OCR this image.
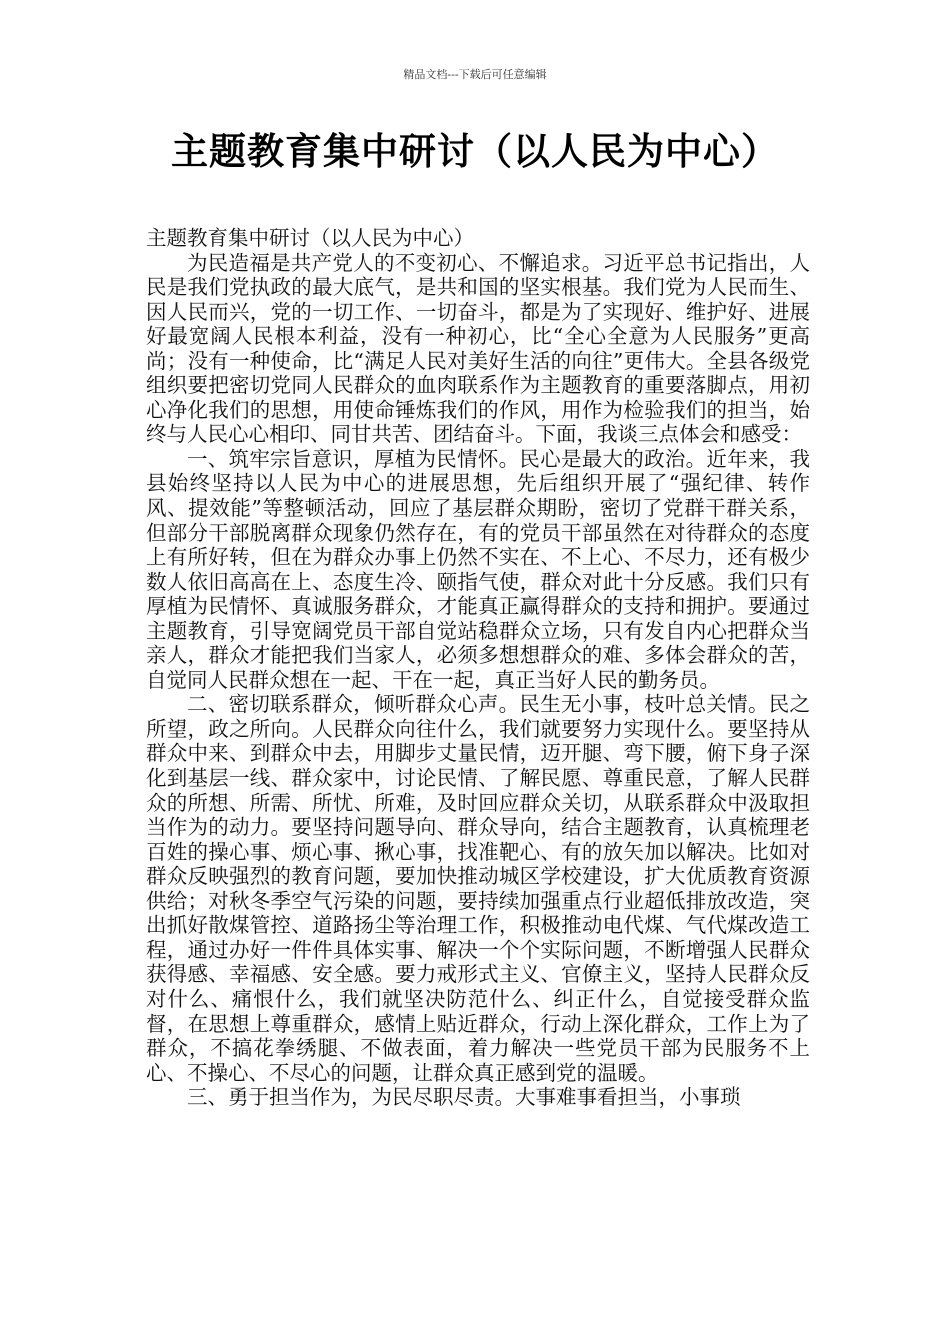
精品文档---下载后可任意编辑
主题教育集中研讨（以人民为中心）

主题教育集中研讨（以人民为中心）

为民造福是共产党人的不变初心、不懈追求。习近平总书记指出，人民是我们党执政的最大底气，是共和国的坚实根基。我们党为人民而生、因人民而兴，党的一切工作、一切奋斗，都是为了实现好、维护好、进展好最宽阔人民根本利益，没有一种初心，比“全心全意为人民服务”更高尚；没有一种使命，比“满足人民对美好生活的向往”更伟大。全县各级党组织要把密切党同人民群众的血肉联系作为主题教育的重要落脚点，用初心净化我们的思想，用使命锤炼我们的作风，用作为检验我们的担当，始终与人民心心相印、同甘共苦、团结奋斗。下面，我谈三点体会和感受：

一、筑牢宗旨意识，厚植为民情怀。民心是最大的政治。近年来，我县始终坚持以人民为中心的进展思想，先后组织开展了“强纪律、转作风、提效能”等整顿活动，回应了基层群众期盼，密切了党群干群关系，但部分干部脱离群众现象仍然存在，有的党员干部虽然在对待群众的态度上有所好转，但在为群众办事上仍然不实在、不上心、不尽力，还有极少数人依旧高高在上、态度生冷、颐指气使，群众对此十分反感。我们只有厚植为民情怀、真诚服务群众，才能真正赢得群众的支持和拥护。要通过主题教育，引导宽阔党员干部自觉站稳群众立场，只有发自内心把群众当亲人，群众才能把我们当家人，必须多想想群众的难、多体会群众的苦，自觉同人民群众想在一起、干在一起，真正当好人民的勤务员。

二、密切联系群众，倾听群众心声。民生无小事，枝叶总关情。民之所望，政之所向。人民群众向往什么，我们就要努力实现什么。要坚持从群众中来、到群众中去，用脚步丈量民情，迈开腿、弯下腰，俯下身子深化到基层一线、群众家中，讨论民情、了解民愿、尊重民意，了解人民群众的所想、所需、所忧、所难，及时回应群众关切，从联系群众中汲取担当作为的动力。要坚持问题导向、群众导向，结合主题教育，认真梳理老百姓的操心事、烦心事、揪心事，找准靶心、有的放矢加以解决。比如对群众反映强烈的教育问题，要加快推动城区学校建设，扩大优质教育资源供给；对秋冬季空气污染的问题，要持续加强重点行业超低排放改造，突出抓好散煤管控、道路扬尘等治理工作，积极推动电代煤、气代煤改造工程，通过办好一件件具体实事、解决一个个实际问题，不断增强人民群众获得感、幸福感、安全感。要力戒形式主义、官僚主义，坚持人民群众反对什么、痛恨什么，我们就坚决防范什么、纠正什么，自觉接受群众监督，在思想上尊重群众，感情上贴近群众，行动上深化群众，工作上为了群众，不搞花拳绣腿、不做表面，着力解决一些党员干部为民服务不上心、不操心、不尽心的问题，让群众真正感到党的温暖。

三、勇于担当作为，为民尽职尽责。大事难事看担当，小事琐
